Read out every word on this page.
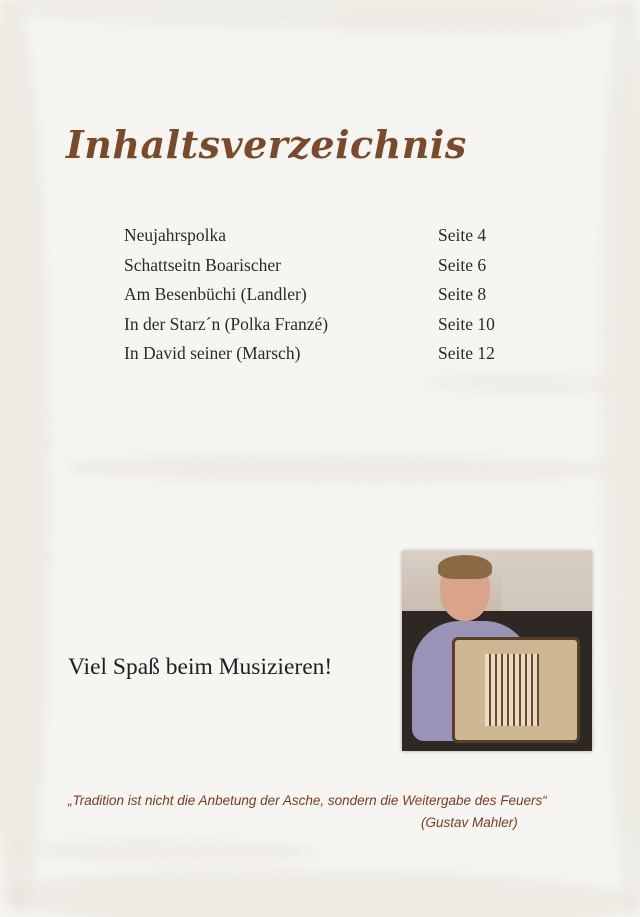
Inhaltsverzeichnis
Neujahrspolka	Seite 4
Schattseitn Boarischer	Seite 6
Am Besenbüchi (Landler)	Seite 8
In der Starz´n (Polka Franzé)	Seite 10
In David seiner (Marsch)	Seite 12

Viel Spaß beim Musizieren!

„Tradition ist nicht die Anbetung der Asche, sondern die Weitergabe des Feuers“

(Gustav Mahler)
